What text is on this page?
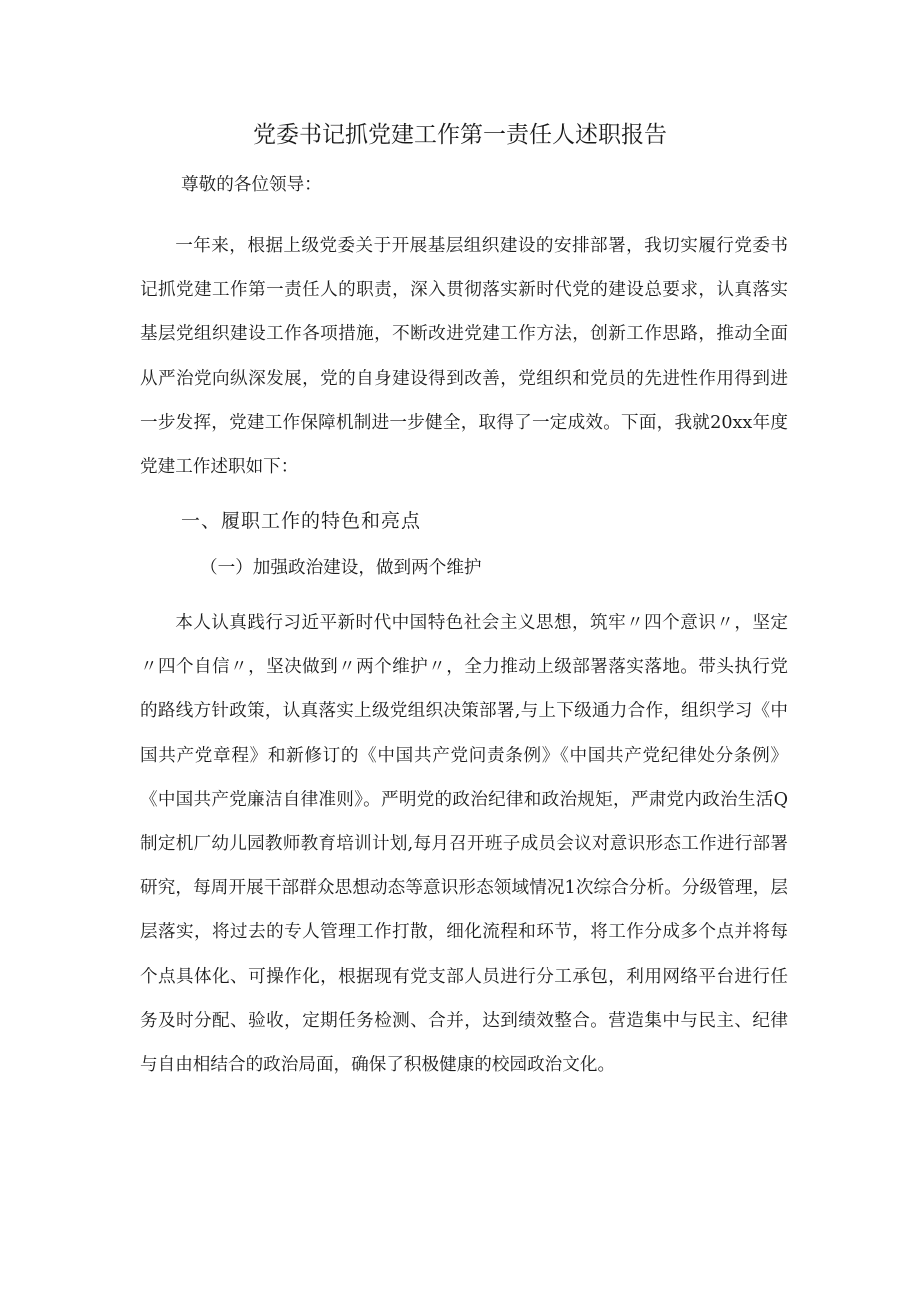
党委书记抓党建工作第一责任人述职报告
尊敬的各位领导：
一年来，根据上级党委关于开展基层组织建设的安排部署，我切实履行党委书记抓党建工作第一责任人的职责，深入贯彻落实新时代党的建设总要求，认真落实基层党组织建设工作各项措施，不断改进党建工作方法，创新工作思路，推动全面从严治党向纵深发展，党的自身建设得到改善，党组织和党员的先进性作用得到进一步发挥，党建工作保障机制进一步健全，取得了一定成效。下面，我就20xx年度党建工作述职如下：
一、履职工作的特色和亮点
（一）加强政治建设，做到两个维护
本人认真践行习近平新时代中国特色社会主义思想，筑牢〃四个意识〃，坚定〃四个自信〃，坚决做到〃两个维护〃，全力推动上级部署落实落地。带头执行党的路线方针政策，认真落实上级党组织决策部署,与上下级通力合作，组织学习《中国共产党章程》和新修订的《中国共产党问责条例》《中国共产党纪律处分条例》《中国共产党廉洁自律准则》。严明党的政治纪律和政治规矩，严肃党内政治生活Q制定机厂幼儿园教师教育培训计划,每月召开班子成员会议对意识形态工作进行部署研究，每周开展干部群众思想动态等意识形态领域情况1次综合分析。分级管理，层层落实，将过去的专人管理工作打散，细化流程和环节，将工作分成多个点并将每个点具体化、可操作化，根据现有党支部人员进行分工承包，利用网络平台进行任务及时分配、验收，定期任务检测、合并，达到绩效整合。营造集中与民主、纪律与自由相结合的政治局面，确保了积极健康的校园政治文化。
